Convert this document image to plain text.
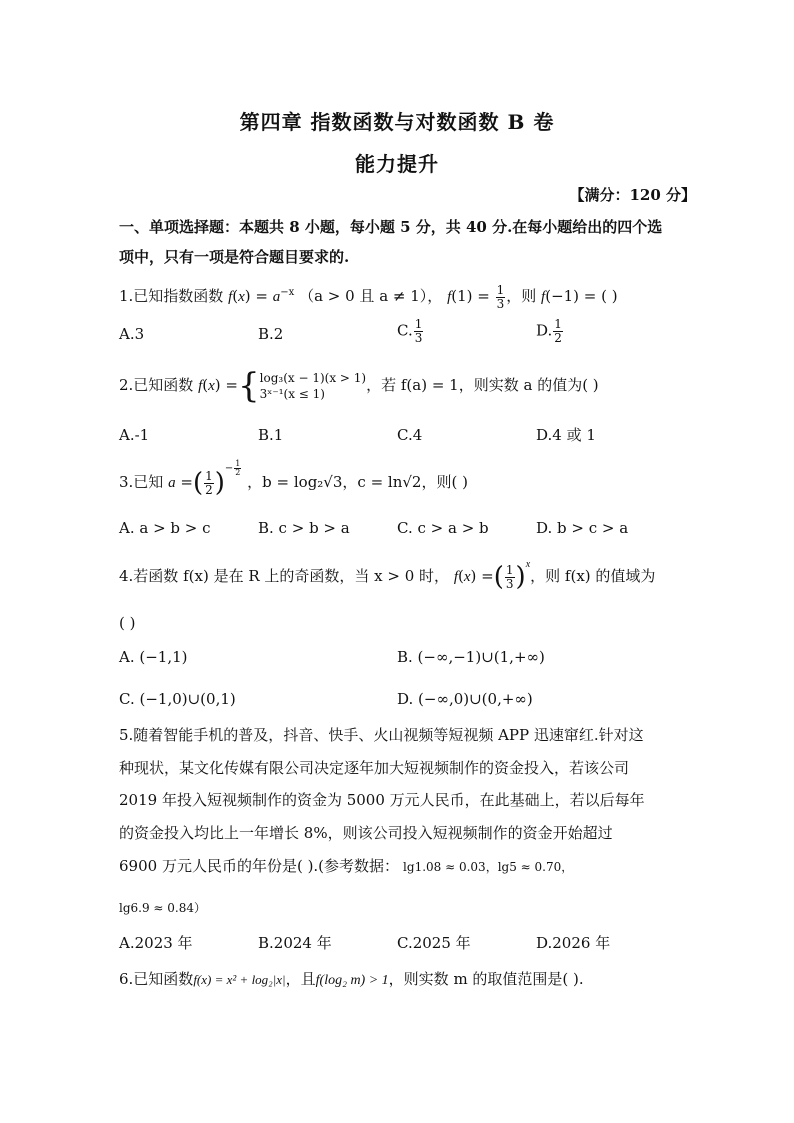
第四章 指数函数与对数函数 B 卷
能力提升
【满分：120 分】
一、单项选择题：本题共 8 小题，每小题 5 分，共 40 分.在每小题给出的四个选
项中，只有一项是符合题目要求的.
1.已知指数函数 $f(x) = a^{-x}$ （a > 0 且 a ≠ 1）， $f(1) = \frac{1}{3}$ ，则 f(−1) = ( )
A.3	B.2	C. $\frac{1}{3}$	D. $\frac{1}{2}$
2.已知函数 f(x) ={ log₃(x − 1)(x > 1)
3ˣ⁻¹(x ≤ 1)	，若 f(a) = 1，则实数 a 的值为( )
A.-1	B.1	C.4	D.4 或 1
3.已知 a =( $\frac{1}{2} )^{- \frac{1}{2}}$
，b = log₂√3，c = ln√2，则( )
A. a > b > c	B. c > b > a	C. c > a > b	D. b > c > a
4.若函数 f(x) 是在 R 上的奇函数，当 x > 0 时， f(x) =( $\frac{1}{3} )^x$，则 f(x) 的值域为
( )
A. (−1,1)	B. (−∞,−1)∪(1,+∞)
C. (−1,0)∪(0,1)	D. (−∞,0)∪(0,+∞)
5.随着智能手机的普及，抖音、快手、火山视频等短视频 APP 迅速窜红.针对这
种现状，某文化传媒有限公司决定逐年加大短视频制作的资金投入，若该公司
2019 年投入短视频制作的资金为 5000 万元人民币，在此基础上，若以后每年
的资金投入均比上一年增长 8%，则该公司投入短视频制作的资金开始超过
6900 万元人民币的年份是( ).(参考数据： lg1.08 ≈ 0.03，lg5 ≈ 0.70，
lg6.9 ≈ 0.84）
A.2023 年	B.2024 年	C.2025 年	D.2026 年
6.已知函数f(x) = x² + log₂|x|，且f(log₂ m) > 1，则实数 m 的取值范围是( ).
